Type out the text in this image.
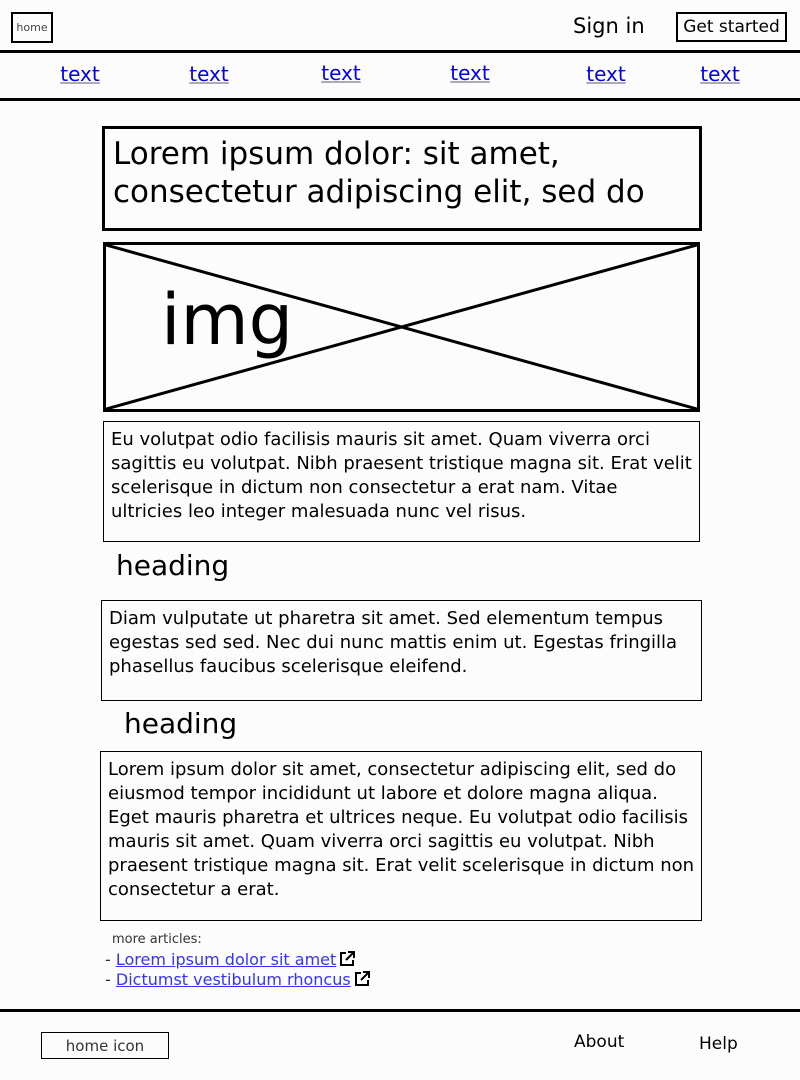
home	Sign in Get started
text	text	text	text	text	text
Lorem ipsum dolor: sit amet, consectetur adipiscing elit, sed do
img
Eu volutpat odio facilisis mauris sit amet. Quam viverra orci sagittis eu volutpat. Nibh praesent tristique magna sit. Erat velit scelerisque in dictum non consectetur a erat nam. Vitae ultricies leo integer malesuada nunc vel risus.
heading
Diam vulputate ut pharetra sit amet. Sed elementum tempus egestas sed sed. Nec dui nunc mattis enim ut. Egestas fringilla phasellus faucibus scelerisque eleifend.
heading
Lorem ipsum dolor sit amet, consectetur adipiscing elit, sed do eiusmod tempor incididunt ut labore et dolore magna aliqua. Eget mauris pharetra et ultrices neque. Eu volutpat odio facilisis mauris sit amet. Quam viverra orci sagittis eu volutpat. Nibh praesent tristique magna sit. Erat velit scelerisque in dictum non consectetur a erat.
more articles:
- Lorem ipsum dolor sit amet
- Dictumst vestibulum rhoncus
home icon	About	Help
